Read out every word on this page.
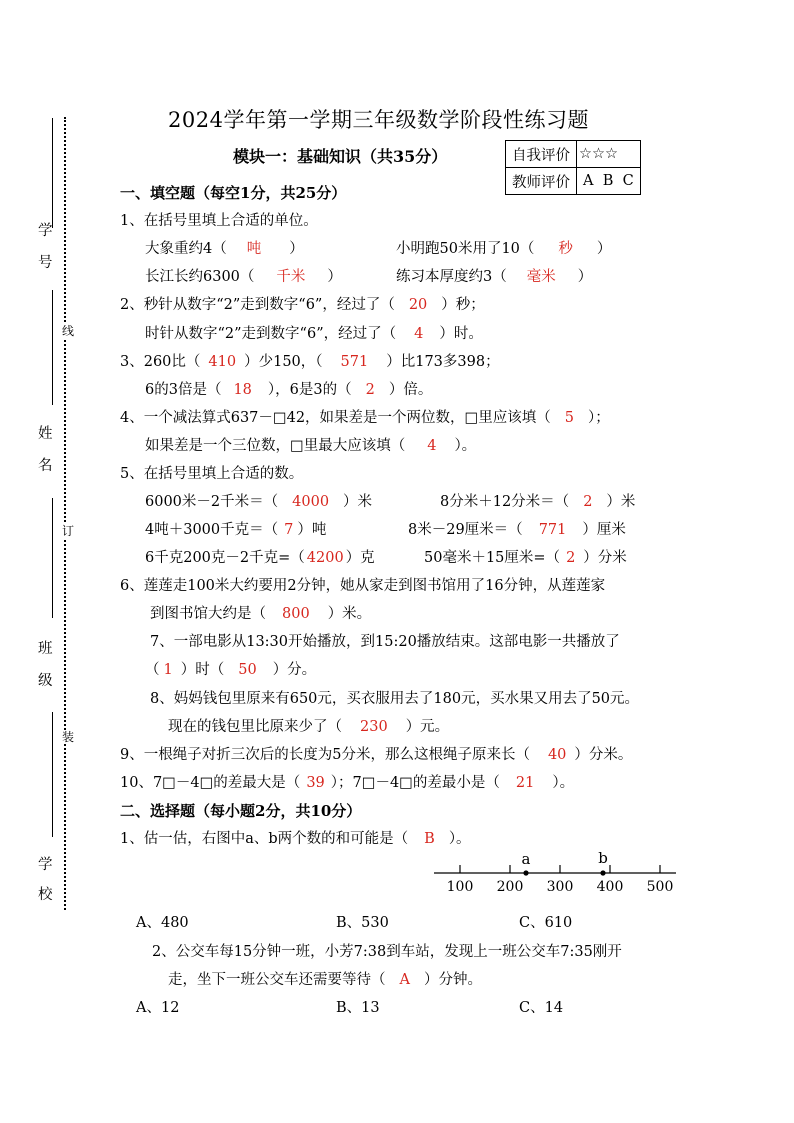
学
号
线
姓
名
订
班
级
装
学
校
2024学年第一学期三年级数学阶段性练习题
模块一：基础知识（共35分）	自我评价	☆☆☆
教师评价	A  B  C
一、填空题（每空1分，共25分）
1、在括号里填上合适的单位。
大象重约4（ 吨 ）	小明跑50米用了10（ 秒 ）
长江长约6300（ 千米 ）	练习本厚度约3（ 毫米 ）
2、秒针从数字“2”走到数字“6”，经过了（ 20 ）秒；
时针从数字“2”走到数字“6”，经过了（ 4 ）时。
3、260比（ 410 ）少150，（ 571 ）比173多398；
6的3倍是（ 18 ），6是3的（ 2 ）倍。
4、一个减法算式637－□42，如果差是一个两位数，□里应该填（ 5 ）；
如果差是一个三位数，□里最大应该填（ 4 ）。
5、在括号里填上合适的数。
6000米－2千米＝（ 4000 ）米	8分米＋12分米＝（ 2 ）米
4吨＋3000千克＝（ 7 ）吨	8米－29厘米＝（ 771 ）厘米
6千克200克－2千克=（ 4200 ）克	50毫米＋15厘米=（ 2 ）分米
6、莲莲走100米大约要用2分钟，她从家走到图书馆用了16分钟，从莲莲家
到图书馆大约是（ 800 ）米。
7、一部电影从13:30开始播放，到15:20播放结束。这部电影一共播放了
（ 1 ）时（ 50 ）分。
8、妈妈钱包里原来有650元，买衣服用去了180元，买水果又用去了50元。
现在的钱包里比原来少了（ 230 ）元。
9、一根绳子对折三次后的长度为5分米，那么这根绳子原来长（ 40 ）分米。
10、7□－4□的差最大是（ 39 ）；7□－4□的差最小是（ 21 ）。
二、选择题（每小题2分，共10分）
1、估一估，右图中a、b两个数的和可能是（ B ）。
100 200 300 400 500
a	b
A、480	B、530	C、610
2、公交车每15分钟一班，小芳7:38到车站，发现上一班公交车7:35刚开
走，坐下一班公交车还需要等待（ A ）分钟。
A、12	B、13	C、14
